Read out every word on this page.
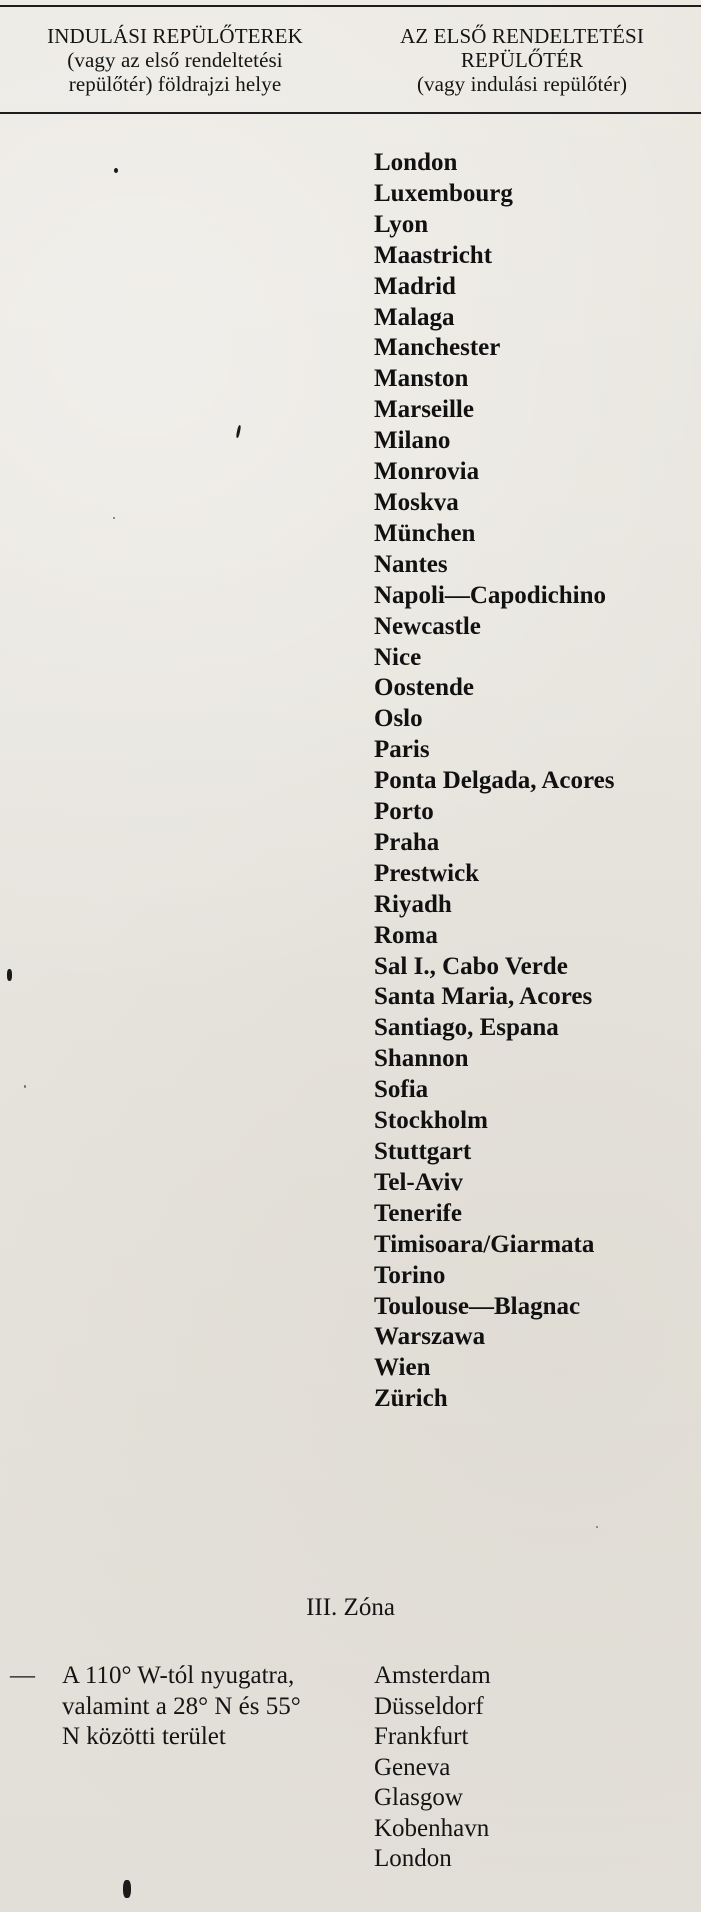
INDULÁSI REPÜLŐTEREK
(vagy az első rendeltetési
repülőtér) földrajzi helye
AZ ELSŐ RENDELTETÉSI
REPÜLŐTÉR
(vagy indulási repülőtér)
London
Luxembourg
Lyon
Maastricht
Madrid
Malaga
Manchester
Manston
Marseille
Milano
Monrovia
Moskva
München
Nantes
Napoli—Capodichino
Newcastle
Nice
Oostende
Oslo
Paris
Ponta Delgada, Acores
Porto
Praha
Prestwick
Riyadh
Roma
Sal I., Cabo Verde
Santa Maria, Acores
Santiago, Espana
Shannon
Sofia
Stockholm
Stuttgart
Tel-Aviv
Tenerife
Timisoara/Giarmata
Torino
Toulouse—Blagnac
Warszawa
Wien
Zürich
III. Zóna
— A 110° W-tól nyugatra,
valamint a 28° N és 55°
N közötti terület
Amsterdam
Düsseldorf
Frankfurt
Geneva
Glasgow
Kobenhavn
London
